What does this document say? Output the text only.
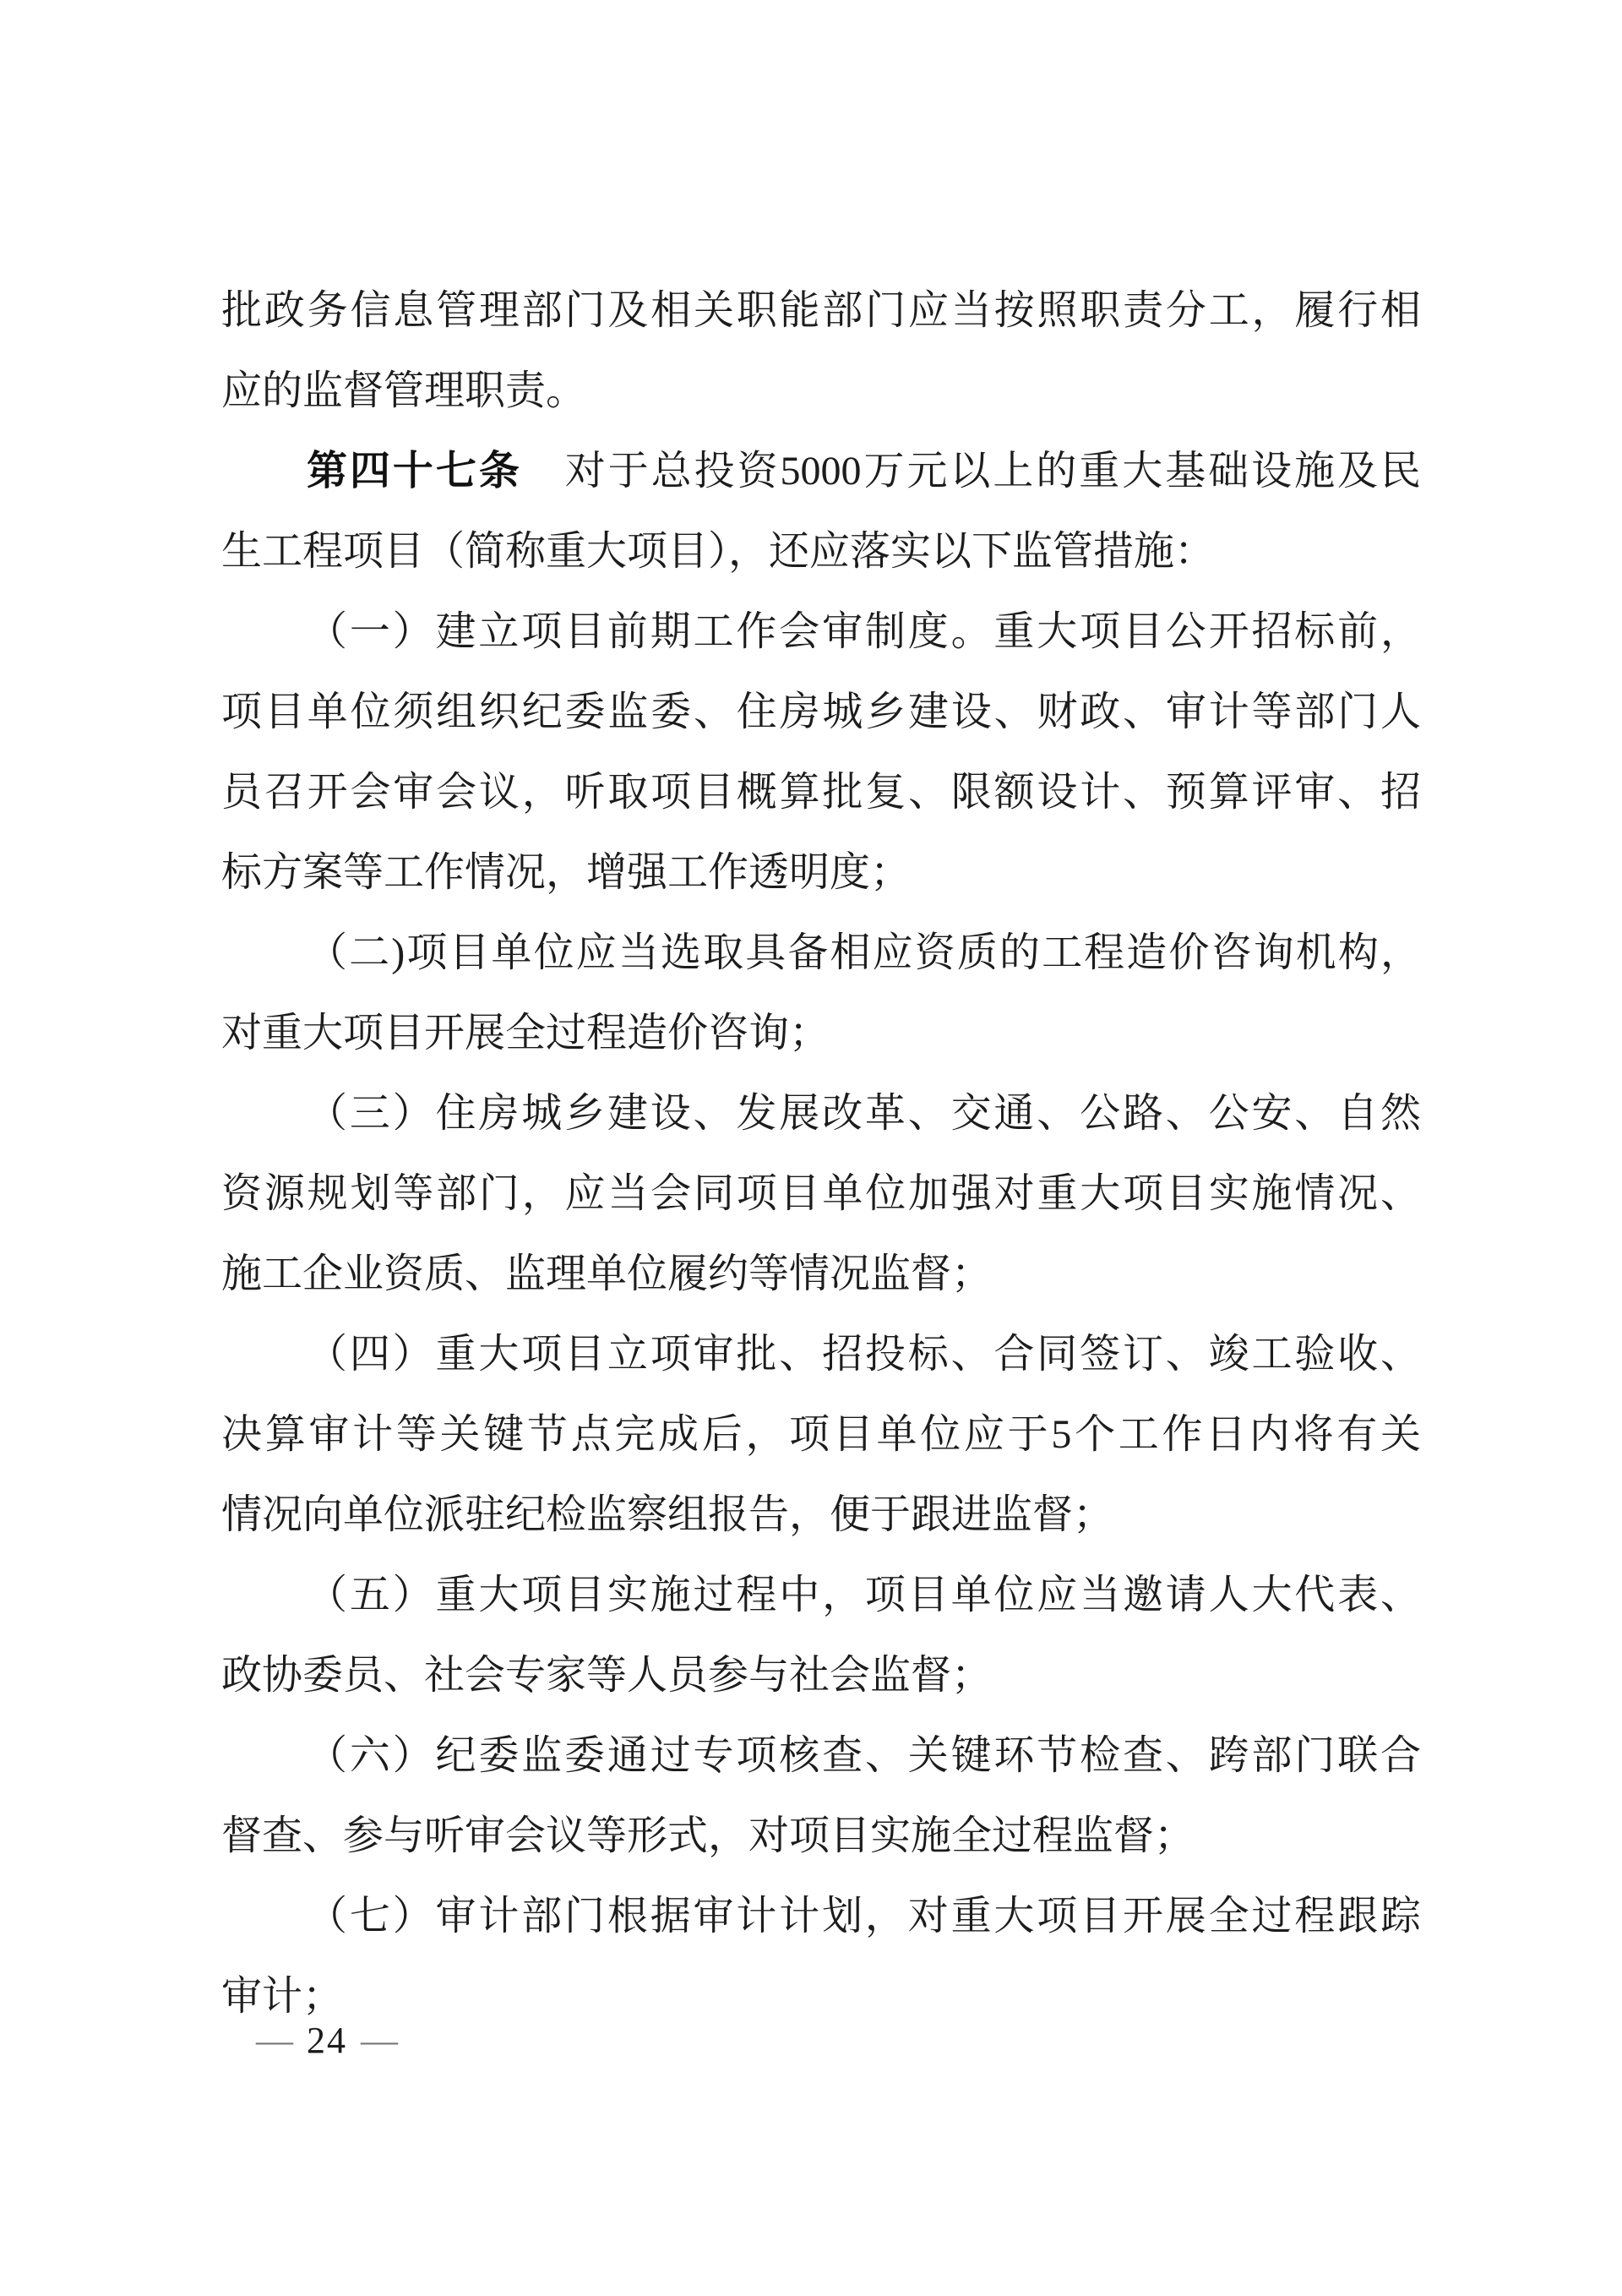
批政务信息管理部门及相关职能部门应当按照职责分工，履行相
应的监督管理职责。
第四十七条　对于总投资5000万元以上的重大基础设施及民
生工程项目（简称重大项目），还应落实以下监管措施：
（一）建立项目前期工作会审制度。重大项目公开招标前，
项目单位须组织纪委监委、住房城乡建设、财政、审计等部门人
员召开会审会议，听取项目概算批复、限额设计、预算评审、招
标方案等工作情况，增强工作透明度；
（二)项目单位应当选取具备相应资质的工程造价咨询机构，
对重大项目开展全过程造价咨询；
（三）住房城乡建设、发展改革、交通、公路、公安、自然
资源规划等部门，应当会同项目单位加强对重大项目实施情况、
施工企业资质、监理单位履约等情况监督；
（四）重大项目立项审批、招投标、合同签订、竣工验收、
决算审计等关键节点完成后，项目单位应于5个工作日内将有关
情况向单位派驻纪检监察组报告，便于跟进监督；
（五）重大项目实施过程中，项目单位应当邀请人大代表、
政协委员、社会专家等人员参与社会监督；
（六）纪委监委通过专项核查、关键环节检查、跨部门联合
督查、参与听审会议等形式，对项目实施全过程监督；
（七）审计部门根据审计计划，对重大项目开展全过程跟踪
审计；
— 24 —
